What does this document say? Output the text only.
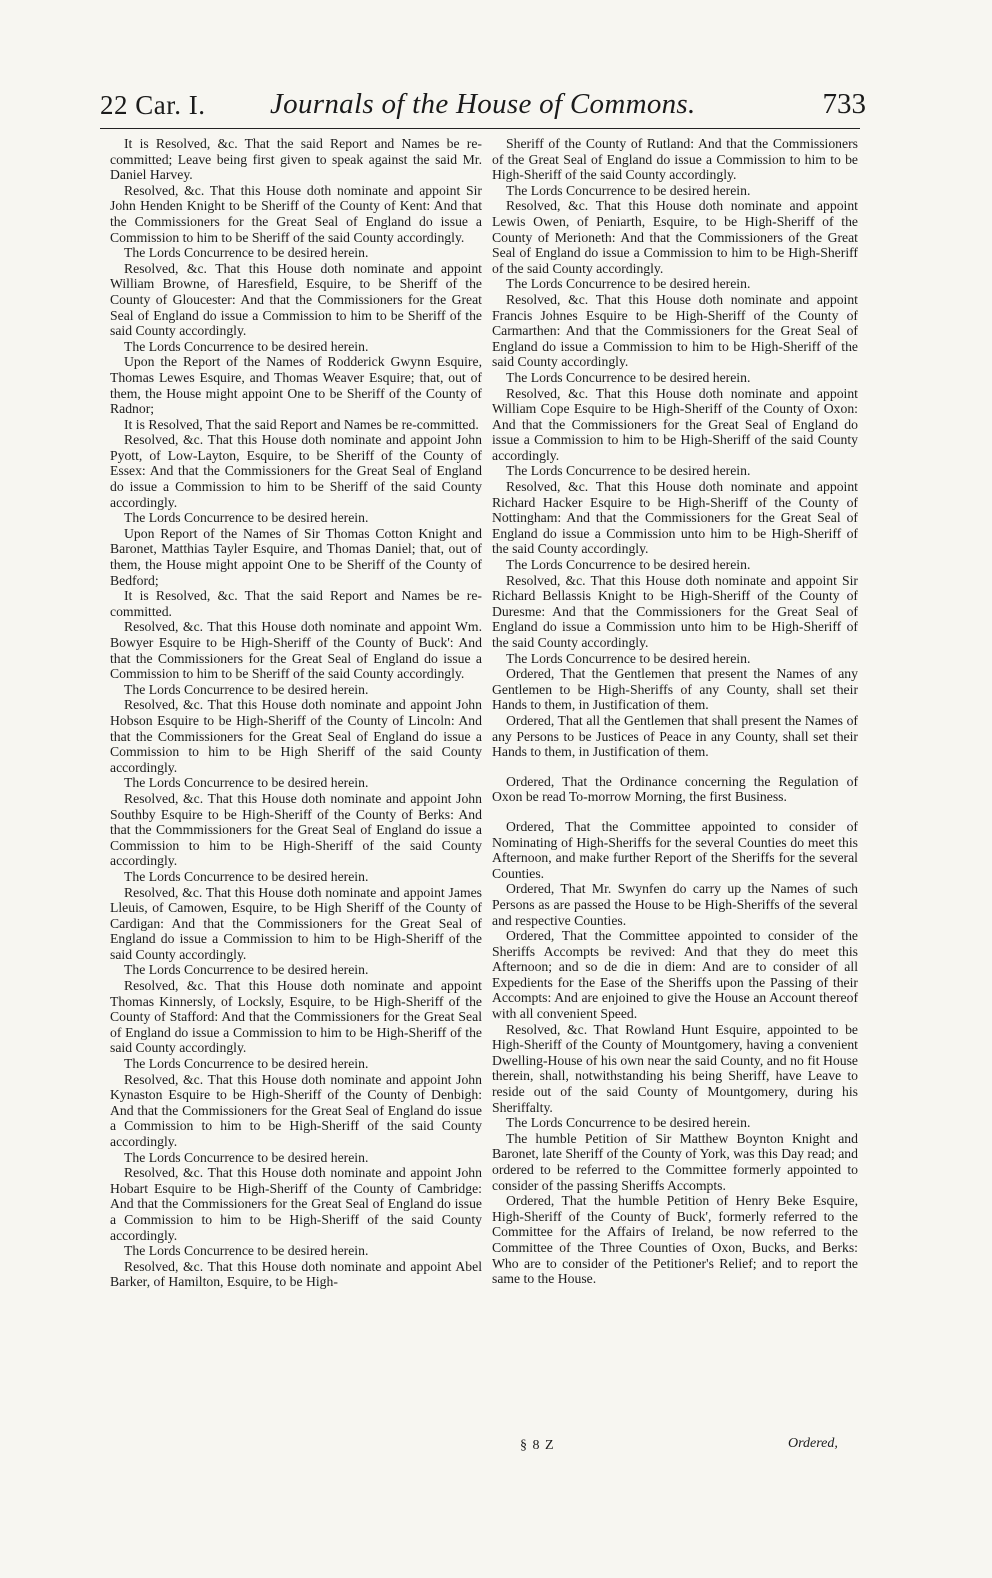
22 Car. I. Journals of the House of Commons.	733

It is Resolved, &c. That the said Report and Names be re-committed; Leave being first given to speak against the said Mr. Daniel Harvey.

Resolved, &c. That this House doth nominate and appoint Sir John Henden Knight to be Sheriff of the County of Kent: And that the Commissioners for the Great Seal of England do issue a Commission to him to be Sheriff of the said County accordingly.

The Lords Concurrence to be desired herein.

Resolved, &c. That this House doth nominate and appoint William Browne, of Haresfield, Esquire, to be Sheriff of the County of Gloucester: And that the Commissioners for the Great Seal of England do issue a Commission to him to be Sheriff of the said County accordingly.

The Lords Concurrence to be desired herein.

Upon the Report of the Names of Rodderick Gwynn Esquire, Thomas Lewes Esquire, and Thomas Weaver Esquire; that, out of them, the House might appoint One to be Sheriff of the County of Radnor;

It is Resolved, That the said Report and Names be re-committed.

Resolved, &c. That this House doth nominate and appoint John Pyott, of Low-Layton, Esquire, to be Sheriff of the County of Essex: And that the Commissioners for the Great Seal of England do issue a Commission to him to be Sheriff of the said County accordingly.

The Lords Concurrence to be desired herein.

Upon Report of the Names of Sir Thomas Cotton Knight and Baronet, Matthias Tayler Esquire, and Thomas Daniel; that, out of them, the House might appoint One to be Sheriff of the County of Bedford;

It is Resolved, &c. That the said Report and Names be re-committed.

Resolved, &c. That this House doth nominate and appoint Wm. Bowyer Esquire to be High-Sheriff of the County of Buck': And that the Commissioners for the Great Seal of England do issue a Commission to him to be Sheriff of the said County accordingly.

The Lords Concurrence to be desired herein.

Resolved, &c. That this House doth nominate and appoint John Hobson Esquire to be High-Sheriff of the County of Lincoln: And that the Commissioners for the Great Seal of England do issue a Commission to him to be High Sheriff of the said County accordingly.

The Lords Concurrence to be desired herein.

Resolved, &c. That this House doth nominate and appoint John Southby Esquire to be High-Sheriff of the County of Berks: And that the Commmissioners for the Great Seal of England do issue a Commission to him to be High-Sheriff of the said County accordingly.

The Lords Concurrence to be desired herein.

Resolved, &c. That this House doth nominate and appoint James Lleuis, of Camowen, Esquire, to be High Sheriff of the County of Cardigan: And that the Commissioners for the Great Seal of England do issue a Commission to him to be High-Sheriff of the said County accordingly.

The Lords Concurrence to be desired herein.

Resolved, &c. That this House doth nominate and appoint Thomas Kinnersly, of Locksly, Esquire, to be High-Sheriff of the County of Stafford: And that the Commissioners for the Great Seal of England do issue a Commission to him to be High-Sheriff of the said County accordingly.

The Lords Concurrence to be desired herein.

Resolved, &c. That this House doth nominate and appoint John Kynaston Esquire to be High-Sheriff of the County of Denbigh: And that the Commissioners for the Great Seal of England do issue a Commission to him to be High-Sheriff of the said County accordingly.

The Lords Concurrence to be desired herein.

Resolved, &c. That this House doth nominate and appoint John Hobart Esquire to be High-Sheriff of the County of Cambridge: And that the Commissioners for the Great Seal of England do issue a Commission to him to be High-Sheriff of the said County accordingly.

The Lords Concurrence to be desired herein.

Resolved, &c. That this House doth nominate and appoint Abel Barker, of Hamilton, Esquire, to be High-

Sheriff of the County of Rutland: And that the Commissioners of the Great Seal of England do issue a Commission to him to be High-Sheriff of the said County accordingly.

The Lords Concurrence to be desired herein.

Resolved, &c. That this House doth nominate and appoint Lewis Owen, of Peniarth, Esquire, to be High-Sheriff of the County of Merioneth: And that the Commissioners of the Great Seal of England do issue a Commission to him to be High-Sheriff of the said County accordingly.

The Lords Concurrence to be desired herein.

Resolved, &c. That this House doth nominate and appoint Francis Johnes Esquire to be High-Sheriff of the County of Carmarthen: And that the Commissioners for the Great Seal of England do issue a Commission to him to be High-Sheriff of the said County accordingly.

The Lords Concurrence to be desired herein.

Resolved, &c. That this House doth nominate and appoint William Cope Esquire to be High-Sheriff of the County of Oxon: And that the Commissioners for the Great Seal of England do issue a Commission to him to be High-Sheriff of the said County accordingly.

The Lords Concurrence to be desired herein.

Resolved, &c. That this House doth nominate and appoint Richard Hacker Esquire to be High-Sheriff of the County of Nottingham: And that the Commissioners for the Great Seal of England do issue a Commission unto him to be High-Sheriff of the said County accordingly.

The Lords Concurrence to be desired herein.

Resolved, &c. That this House doth nominate and appoint Sir Richard Bellassis Knight to be High-Sheriff of the County of Duresme: And that the Commissioners for the Great Seal of England do issue a Commission unto him to be High-Sheriff of the said County accordingly.

The Lords Concurrence to be desired herein.

Ordered, That the Gentlemen that present the Names of any Gentlemen to be High-Sheriffs of any County, shall set their Hands to them, in Justification of them.

Ordered, That all the Gentlemen that shall present the Names of any Persons to be Justices of Peace in any County, shall set their Hands to them, in Justification of them.

Ordered, That the Ordinance concerning the Regulation of Oxon be read To-morrow Morning, the first Business.

Ordered, That the Committee appointed to consider of Nominating of High-Sheriffs for the several Counties do meet this Afternoon, and make further Report of the Sheriffs for the several Counties.

Ordered, That Mr. Swynfen do carry up the Names of such Persons as are passed the House to be High-Sheriffs of the several and respective Counties.

Ordered, That the Committee appointed to consider of the Sheriffs Accompts be revived: And that they do meet this Afternoon; and so de die in diem: And are to consider of all Expedients for the Ease of the Sheriffs upon the Passing of their Accompts: And are enjoined to give the House an Account thereof with all convenient Speed.

Resolved, &c. That Rowland Hunt Esquire, appointed to be High-Sheriff of the County of Mountgomery, having a convenient Dwelling-House of his own near the said County, and no fit House therein, shall, notwithstanding his being Sheriff, have Leave to reside out of the said County of Mountgomery, during his Sheriffalty.

The Lords Concurrence to be desired herein.

The humble Petition of Sir Matthew Boynton Knight and Baronet, late Sheriff of the County of York, was this Day read; and ordered to be referred to the Committee formerly appointed to consider of the passing Sheriffs Accompts.

Ordered, That the humble Petition of Henry Beke Esquire, High-Sheriff of the County of Buck', formerly referred to the Committee for the Affairs of Ireland, be now referred to the Committee of the Three Counties of Oxon, Bucks, and Berks: Who are to consider of the Petitioner's Relief; and to report the same to the House.

§ 8 Z	Ordered,
